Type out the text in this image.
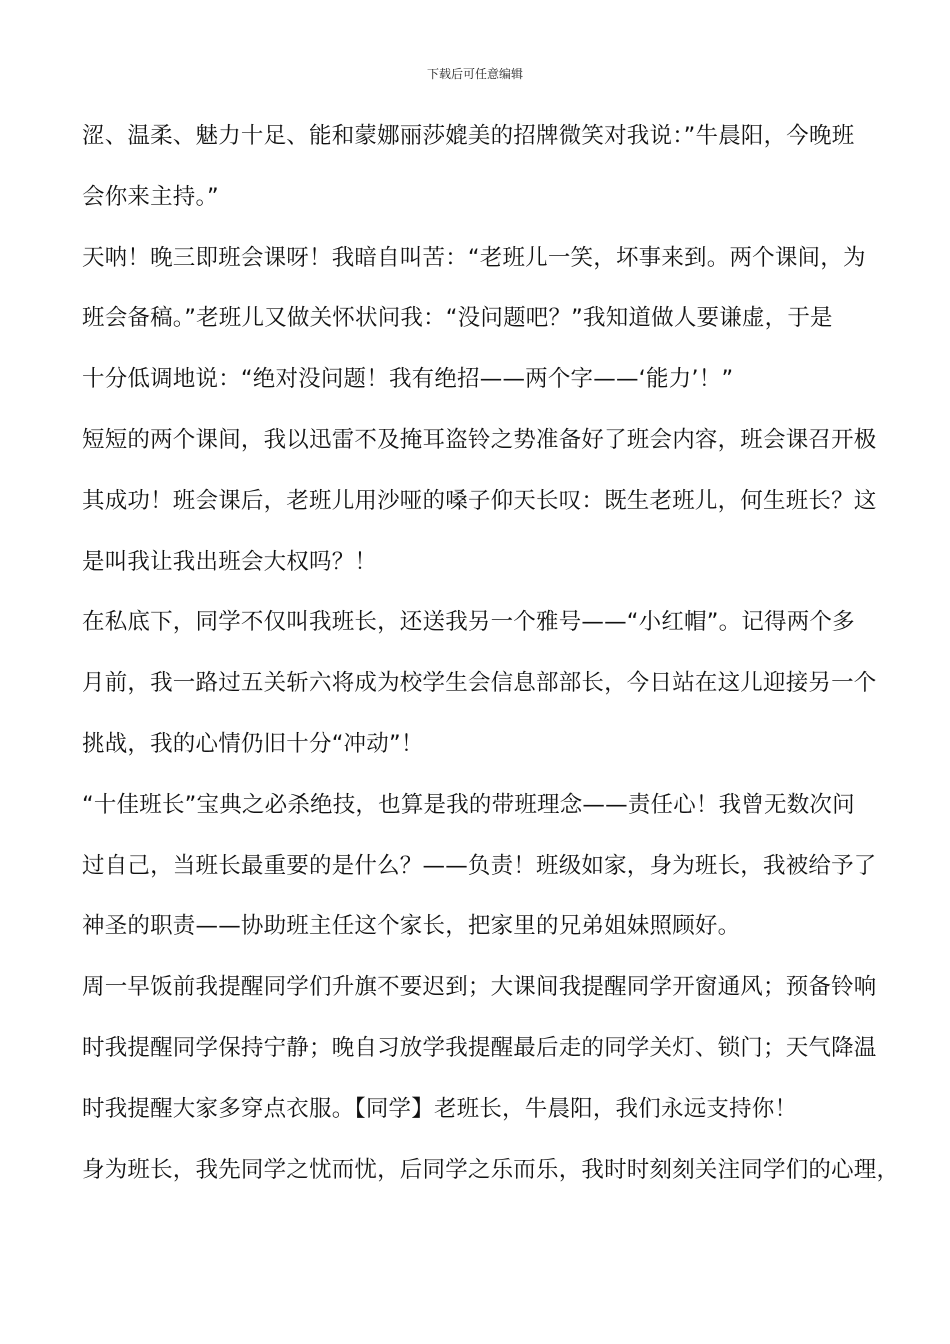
下载后可任意编辑
涩、温柔、魅力十足、能和蒙娜丽莎媲美的招牌微笑对我说：”牛晨阳，今晚班
会你来主持。”
天呐！晚三即班会课呀！我暗自叫苦：“老班儿一笑，坏事来到。两个课间，为
班会备稿。”老班儿又做关怀状问我：“没问题吧？”我知道做人要谦虚，于是
十分低调地说：“绝对没问题！我有绝招——两个字——‘能力’！”
短短的两个课间，我以迅雷不及掩耳盗铃之势准备好了班会内容，班会课召开极
其成功！班会课后，老班儿用沙哑的嗓子仰天长叹：既生老班儿，何生班长？这
是叫我让我出班会大权吗？！
在私底下，同学不仅叫我班长，还送我另一个雅号——“小红帽”。记得两个多
月前，我一路过五关斩六将成为校学生会信息部部长，今日站在这儿迎接另一个
挑战，我的心情仍旧十分“冲动”！
“十佳班长”宝典之必杀绝技，也算是我的带班理念——责任心！我曾无数次问
过自己，当班长最重要的是什么？——负责！班级如家，身为班长，我被给予了
神圣的职责——协助班主任这个家长，把家里的兄弟姐妹照顾好。
周一早饭前我提醒同学们升旗不要迟到；大课间我提醒同学开窗通风；预备铃响
时我提醒同学保持宁静；晚自习放学我提醒最后走的同学关灯、锁门；天气降温
时我提醒大家多穿点衣服。【同学】老班长，牛晨阳，我们永远支持你！
身为班长，我先同学之忧而忧，后同学之乐而乐，我时时刻刻关注同学们的心理，
